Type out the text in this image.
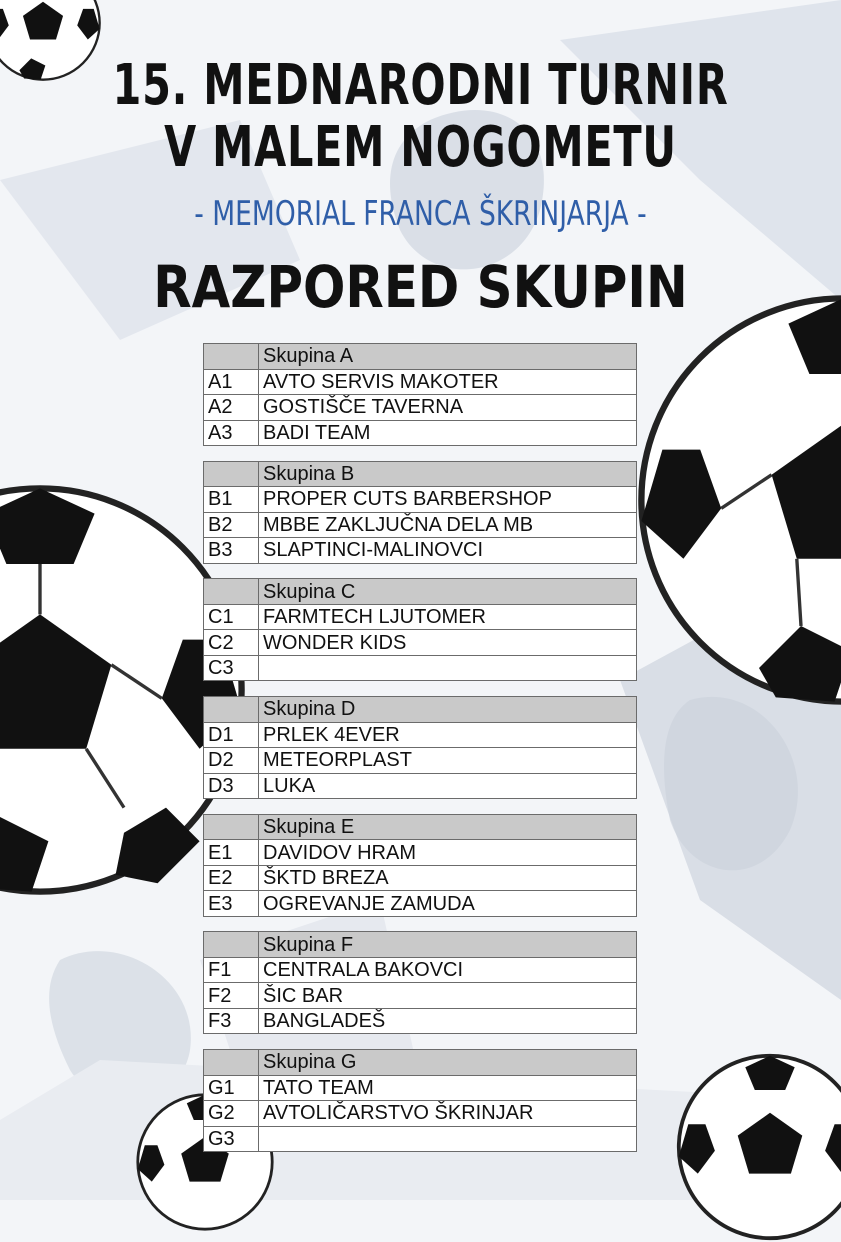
15. MEDNARODNI TURNIR
V MALEM NOGOMETU
- MEMORIAL FRANCA ŠKRINJARJA -
RAZPORED SKUPIN
	Skupina A
A1	AVTO SERVIS MAKOTER
A2	GOSTIŠČE TAVERNA
A3	BADI TEAM
	Skupina B
B1	PROPER CUTS BARBERSHOP
B2	MBBE ZAKLJUČNA DELA MB
B3	SLAPTINCI-MALINOVCI
	Skupina C
C1	FARMTECH LJUTOMER
C2	WONDER KIDS
C3	
	Skupina D
D1	PRLEK 4EVER
D2	METEORPLAST
D3	LUKA
	Skupina E
E1	DAVIDOV HRAM
E2	ŠKTD BREZA
E3	OGREVANJE ZAMUDA
	Skupina F
F1	CENTRALA BAKOVCI
F2	ŠIC BAR
F3	BANGLADEŠ
	Skupina G
G1	TATO TEAM
G2	AVTOLIČARSTVO ŠKRINJAR
G3	
